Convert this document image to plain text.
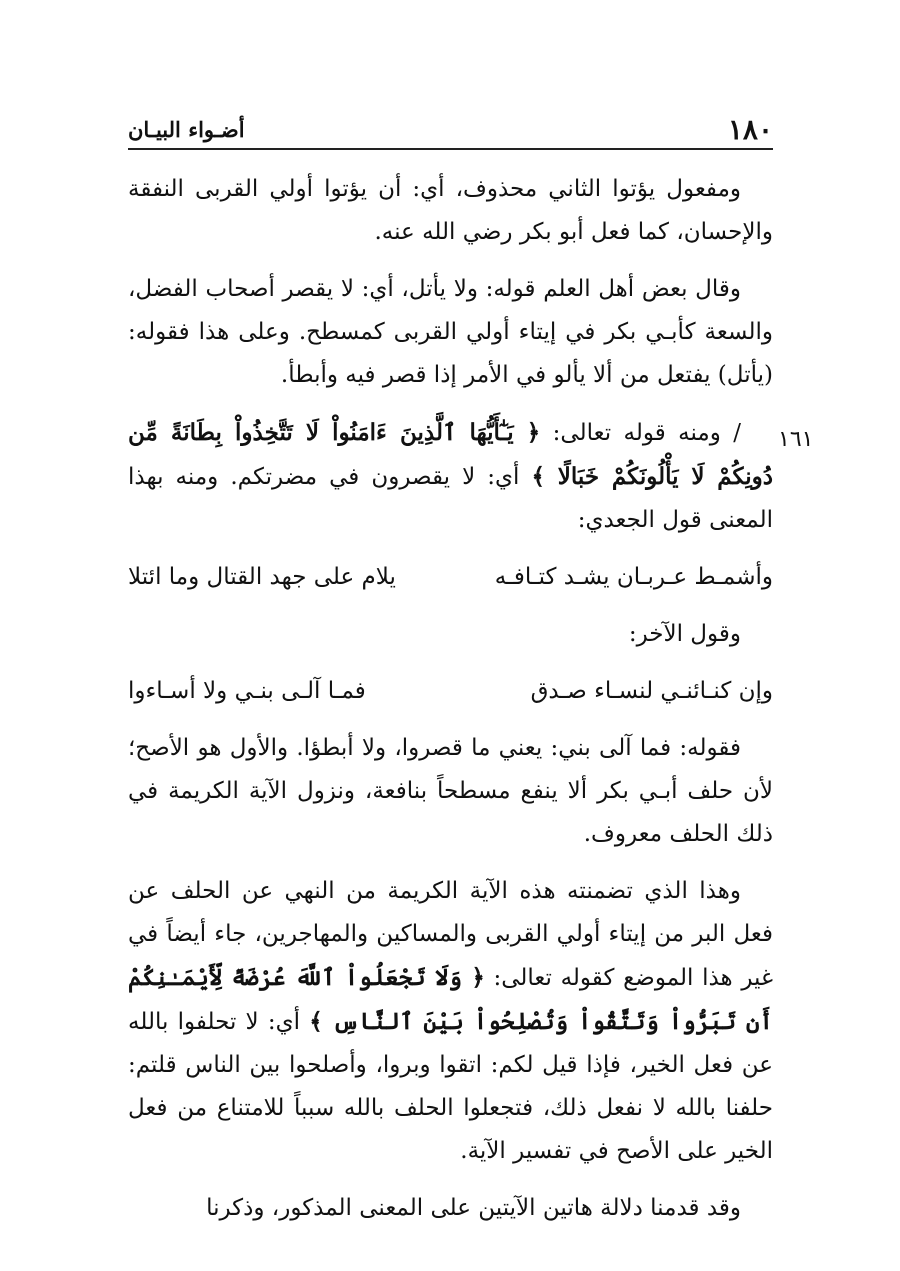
١٨٠
أضـواء البيـان
١٦١

ومفعول يؤتوا الثاني محذوف، أي: أن يؤتوا أولي القربى النفقة والإحسان، كما فعل أبو بكر رضي الله عنه.

وقال بعض أهل العلم قوله: ولا يأتل، أي: لا يقصر أصحاب الفضل، والسعة كأبـي بكر في إيتاء أولي القربى كمسطح. وعلى هذا فقوله: (يأتل) يفتعل من ألا يألو في الأمر إذا قصر فيه وأبطأ.

/ ومنه قوله تعالى: ﴿ يَـٰٓأَيُّهَا ٱلَّذِينَ ءَامَنُواْ لَا تَتَّخِذُواْ بِطَانَةً مِّن دُونِكُمْ لَا يَأْلُونَكُمْ خَبَالًا ﴾ أي: لا يقصرون في مضرتكم. ومنه بهذا المعنى قول الجعدي:

وأشمـط عـربـان يشـد كتـافـه
يلام على جهد القتال وما ائتلا

وقول الآخر:

وإن كنـائنـي لنسـاء صـدق
فمـا آلـى بنـي ولا أسـاءوا

فقوله: فما آلى بني: يعني ما قصروا، ولا أبطؤا. والأول هو الأصح؛ لأن حلف أبـي بكر ألا ينفع مسطحاً بنافعة، ونزول الآية الكريمة في ذلك الحلف معروف.

وهذا الذي تضمنته هذه الآية الكريمة من النهي عن الحلف عن فعل البر من إيتاء أولي القربى والمساكين والمهاجرين، جاء أيضاً في غير هذا الموضع كقوله تعالى: ﴿ وَلَا تَجْعَلُواْ ٱللَّهَ عُرْضَةً لِّأَيْمَـٰنِكُمْ أَن تَبَرُّواْ وَتَتَّقُواْ وَتُصْلِحُواْ بَيْنَ ٱلنَّاسِ ﴾ أي: لا تحلفوا بالله عن فعل الخير، فإذا قيل لكم: اتقوا وبروا، وأصلحوا بين الناس قلتم: حلفنا بالله لا نفعل ذلك، فتجعلوا الحلف بالله سبباً للامتناع من فعل الخير على الأصح في تفسير الآية.

وقد قدمنا دلالة هاتين الآيتين على المعنى المذكور، وذكرنا
